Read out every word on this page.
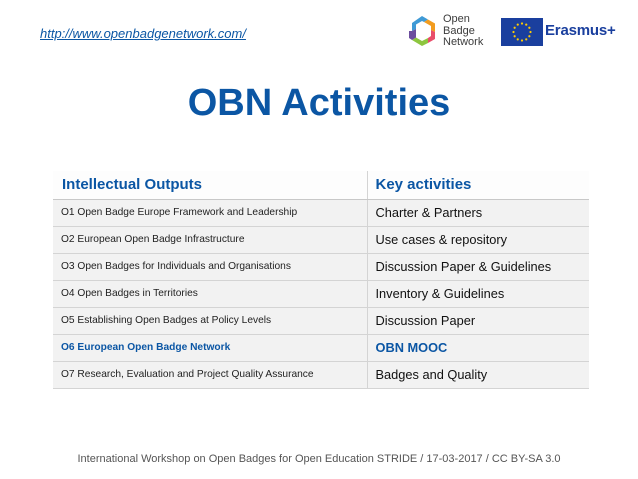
http://www.openbadgenetwork.com/
Open
Badge
Network
Erasmus+
OBN Activities
Intellectual Outputs	Key activities
O1 Open Badge Europe Framework and Leadership	Charter & Partners
O2 European Open Badge Infrastructure	Use cases & repository
O3 Open Badges for Individuals and Organisations	Discussion Paper & Guidelines
O4 Open Badges in Territories	Inventory & Guidelines
O5 Establishing Open Badges at Policy Levels	Discussion Paper
O6 European Open Badge Network	OBN MOOC
O7 Research, Evaluation and Project Quality Assurance	Badges and Quality
International Workshop on Open Badges for Open Education STRIDE / 17-03-2017 / CC BY-SA 3.0
